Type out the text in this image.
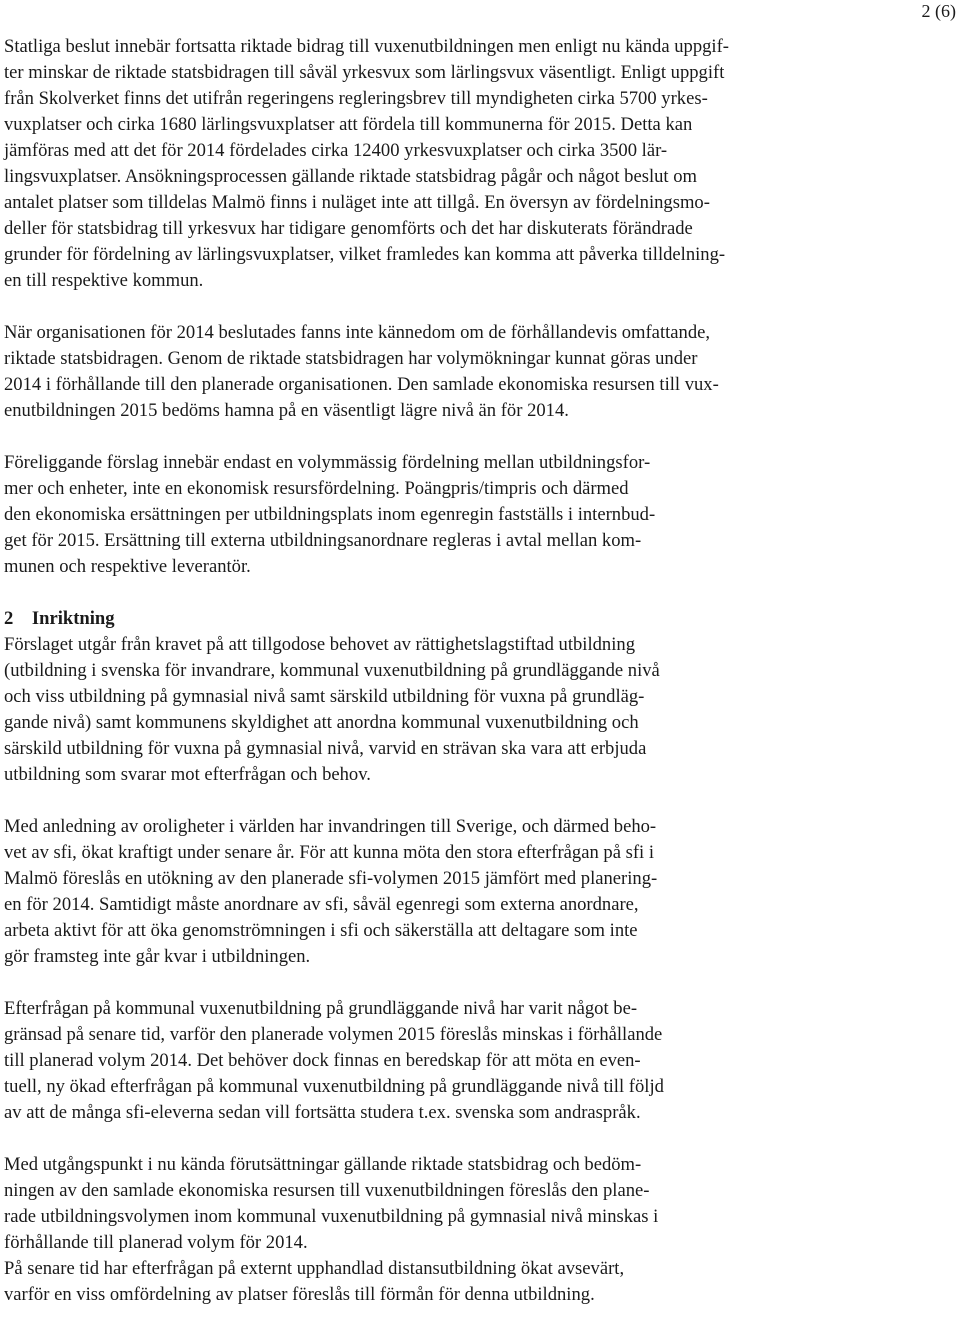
2 (6)
Statliga beslut innebär fortsatta riktade bidrag till vuxenutbildningen men enligt nu kända uppgif-
ter minskar de riktade statsbidragen till såväl yrkesvux som lärlingsvux väsentligt. Enligt uppgift
från Skolverket finns det utifrån regeringens regleringsbrev till myndigheten cirka 5700 yrkes-
vuxplatser och cirka 1680 lärlingsvuxplatser att fördela till kommunerna för 2015. Detta kan
jämföras med att det för 2014 fördelades cirka 12400 yrkesvuxplatser och cirka 3500 lär-
lingsvuxplatser. Ansökningsprocessen gällande riktade statsbidrag pågår och något beslut om
antalet platser som tilldelas Malmö finns i nuläget inte att tillgå. En översyn av fördelningsmo-
deller för statsbidrag till yrkesvux har tidigare genomförts och det har diskuterats förändrade
grunder för fördelning av lärlingsvuxplatser, vilket framledes kan komma att påverka tilldelning-
en till respektive kommun.
När organisationen för 2014 beslutades fanns inte kännedom om de förhållandevis omfattande,
riktade statsbidragen. Genom de riktade statsbidragen har volymökningar kunnat göras under
2014 i förhållande till den planerade organisationen. Den samlade ekonomiska resursen till vux-
enutbildningen 2015 bedöms hamna på en väsentligt lägre nivå än för 2014.
Föreliggande förslag innebär endast en volymmässig fördelning mellan utbildningsfor-
mer och enheter, inte en ekonomisk resursfördelning. Poängpris/timpris och därmed
den ekonomiska ersättningen per utbildningsplats inom egenregin fastställs i internbud-
get för 2015. Ersättning till externa utbildningsanordnare regleras i avtal mellan kom-
munen och respektive leverantör.
2 Inriktning
Förslaget utgår från kravet på att tillgodose behovet av rättighetslagstiftad utbildning
(utbildning i svenska för invandrare, kommunal vuxenutbildning på grundläggande nivå
och viss utbildning på gymnasial nivå samt särskild utbildning för vuxna på grundläg-
gande nivå) samt kommunens skyldighet att anordna kommunal vuxenutbildning och
särskild utbildning för vuxna på gymnasial nivå, varvid en strävan ska vara att erbjuda
utbildning som svarar mot efterfrågan och behov.
Med anledning av oroligheter i världen har invandringen till Sverige, och därmed beho-
vet av sfi, ökat kraftigt under senare år. För att kunna möta den stora efterfrågan på sfi i
Malmö föreslås en utökning av den planerade sfi-volymen 2015 jämfört med planering-
en för 2014. Samtidigt måste anordnare av sfi, såväl egenregi som externa anordnare,
arbeta aktivt för att öka genomströmningen i sfi och säkerställa att deltagare som inte
gör framsteg inte går kvar i utbildningen.
Efterfrågan på kommunal vuxenutbildning på grundläggande nivå har varit något be-
gränsad på senare tid, varför den planerade volymen 2015 föreslås minskas i förhållande
till planerad volym 2014. Det behöver dock finnas en beredskap för att möta en even-
tuell, ny ökad efterfrågan på kommunal vuxenutbildning på grundläggande nivå till följd
av att de många sfi-eleverna sedan vill fortsätta studera t.ex. svenska som andraspråk.
Med utgångspunkt i nu kända förutsättningar gällande riktade statsbidrag och bedöm-
ningen av den samlade ekonomiska resursen till vuxenutbildningen föreslås den plane-
rade utbildningsvolymen inom kommunal vuxenutbildning på gymnasial nivå minskas i
förhållande till planerad volym för 2014.
På senare tid har efterfrågan på externt upphandlad distansutbildning ökat avsevärt,
varför en viss omfördelning av platser föreslås till förmån för denna utbildning.
